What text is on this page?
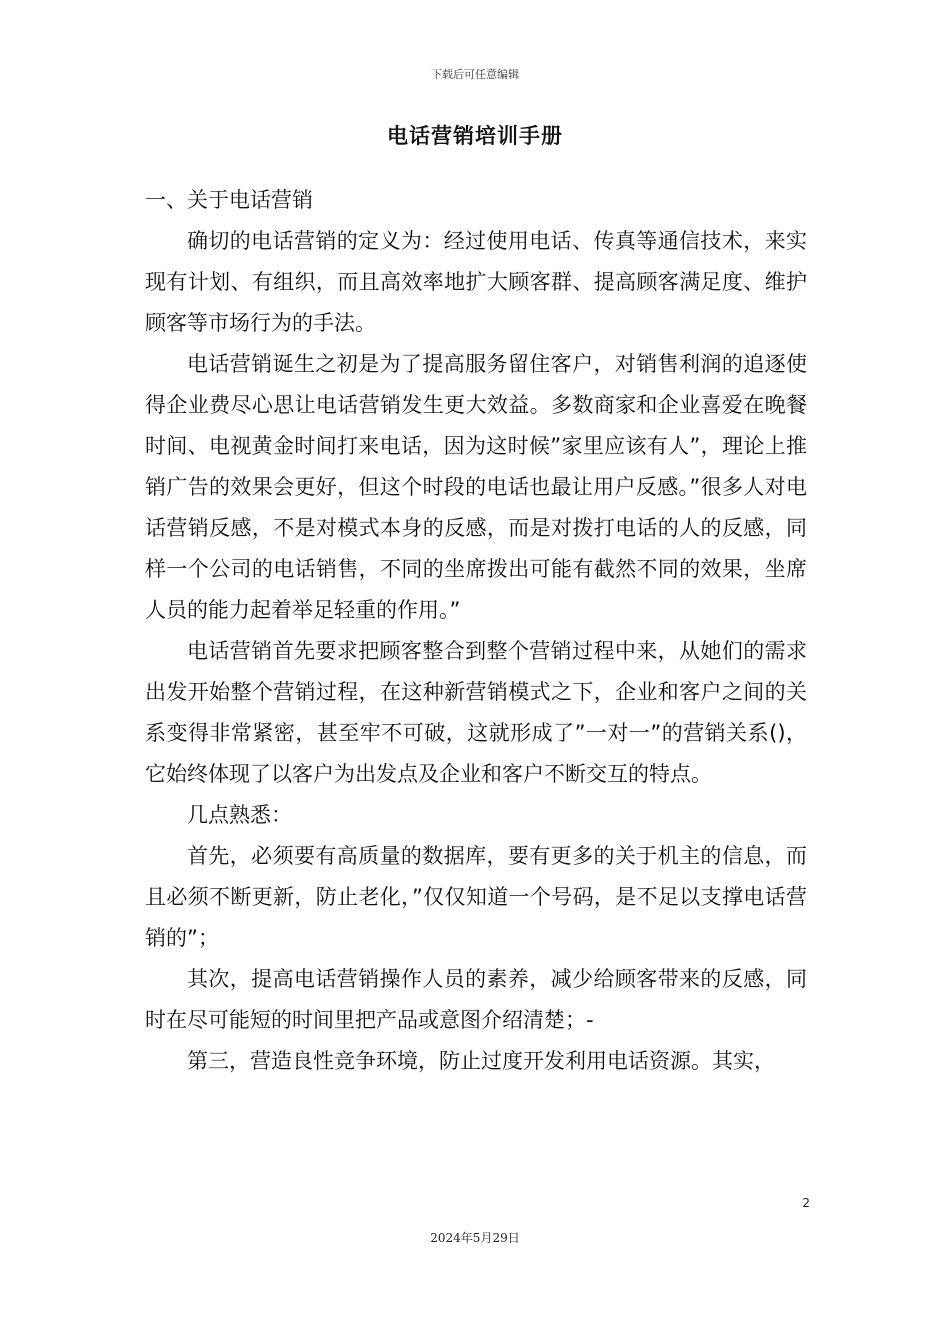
下载后可任意编辑
电话营销培训手册
一、关于电话营销

确切的电话营销的定义为：经过使用电话、传真等通信技术，来实现有计划、有组织，而且高效率地扩大顾客群、提高顾客满足度、维护顾客等市场行为的手法。

电话营销诞生之初是为了提高服务留住客户，对销售利润的追逐使得企业费尽心思让电话营销发生更大效益。多数商家和企业喜爱在晚餐时间、电视黄金时间打来电话，因为这时候”家里应该有人”，理论上推销广告的效果会更好，但这个时段的电话也最让用户反感。”很多人对电话营销反感，不是对模式本身的反感，而是对拨打电话的人的反感，同样一个公司的电话销售，不同的坐席拨出可能有截然不同的效果，坐席人员的能力起着举足轻重的作用。”

电话营销首先要求把顾客整合到整个营销过程中来，从她们的需求出发开始整个营销过程，在这种新营销模式之下，企业和客户之间的关系变得非常紧密，甚至牢不可破，这就形成了”一对一”的营销关系()，它始终体现了以客户为出发点及企业和客户不断交互的特点。

几点熟悉：

首先，必须要有高质量的数据库，要有更多的关于机主的信息，而且必须不断更新，防止老化，”仅仅知道一个号码，是不足以支撑电话营销的”；

其次，提高电话营销操作人员的素养，减少给顾客带来的反感，同时在尽可能短的时间里把产品或意图介绍清楚；-

第三，营造良性竞争环境，防止过度开发利用电话资源。其实，

2
2024年5月29日
